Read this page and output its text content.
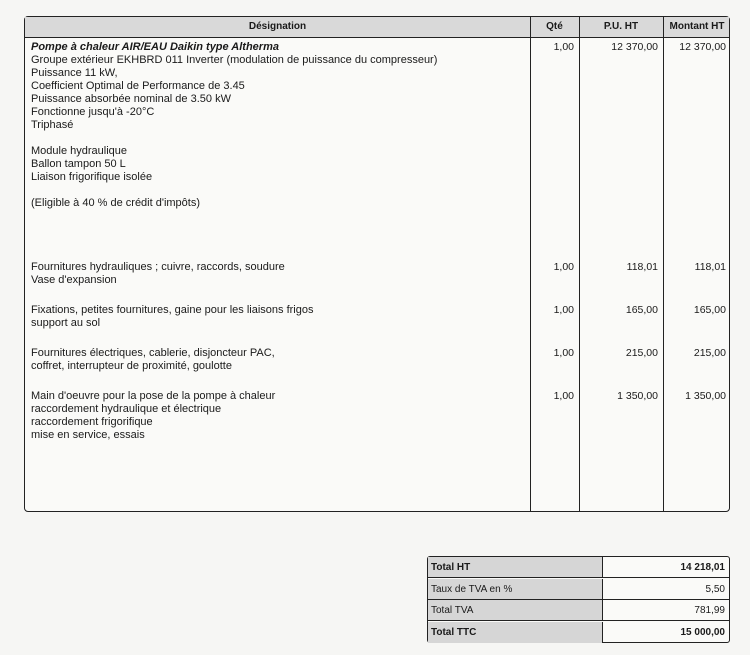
Désignation	Qté	P.U. HT	Montant HT
Pompe à chaleur AIR/EAU Daikin type Altherma
Groupe extérieur EKHBRD 011 Inverter (modulation de puissance du compresseur)
Puissance 11 kW,
Coefficient Optimal de Performance de 3.45
Puissance absorbée nominal de 3.50 kW
Fonctionne jusqu'à -20°C
Triphasé
Module hydraulique
Ballon tampon 50 L
Liaison frigorifique isolée
(Eligible à 40 % de crédit d'impôts)
1,00	12 370,00	12 370,00
Fournitures hydrauliques ; cuivre, raccords, soudure
Vase d'expansion
1,00	118,01	118,01
Fixations, petites fournitures, gaine pour les liaisons frigos
support au sol
1,00	165,00	165,00
Fournitures électriques, cablerie, disjoncteur PAC,
coffret, interrupteur de proximité, goulotte
1,00	215,00	215,00
Main d'oeuvre pour la pose de la pompe à chaleur
raccordement hydraulique et électrique
raccordement frigorifique
mise en service, essais
1,00	1 350,00	1 350,00
Total HT	14 218,01
Taux de TVA en %	5,50
Total TVA	781,99
Total TTC	15 000,00
